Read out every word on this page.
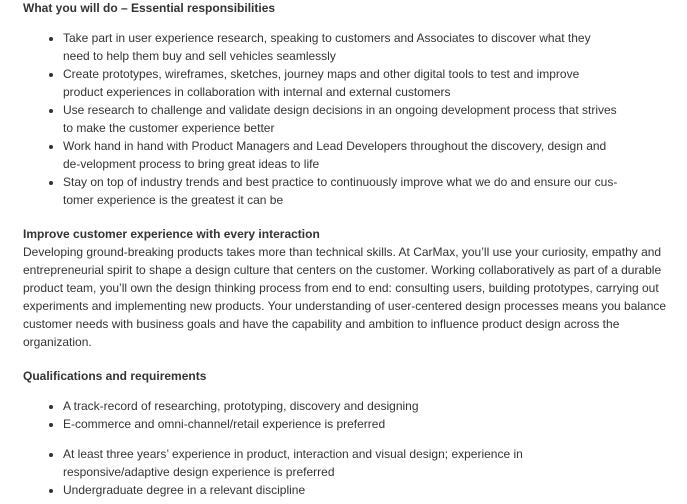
What you will do – Essential responsibilities

• Take part in user experience research, speaking to customers and Associates to discover what they need to help them buy and sell vehicles seamlessly
• Create prototypes, wireframes, sketches, journey maps and other digital tools to test and improve product experiences in collaboration with internal and external customers
• Use research to challenge and validate design decisions in an ongoing development process that strives to make the customer experience better
• Work hand in hand with Product Managers and Lead Developers throughout the discovery, design and de-velopment process to bring great ideas to life
• Stay on top of industry trends and best practice to continuously improve what we do and ensure our cus-tomer experience is the greatest it can be

Improve customer experience with every interaction

Developing ground-breaking products takes more than technical skills. At CarMax, you’ll use your curiosity, empathy and entrepreneurial spirit to shape a design culture that centers on the customer. Working collaboratively as part of a durable product team, you’ll own the design thinking process from end to end: consulting users, building prototypes, carrying out experiments and implementing new products. Your understanding of user-centered design processes means you balance customer needs with business goals and have the capability and ambition to influence product design across the organization.

Qualifications and requirements

• A track-record of researching, prototyping, discovery and designing
• E-commerce and omni-channel/retail experience is preferred
• At least three years’ experience in product, interaction and visual design; experience in responsive/adaptive design experience is preferred
• Undergraduate degree in a relevant discipline
